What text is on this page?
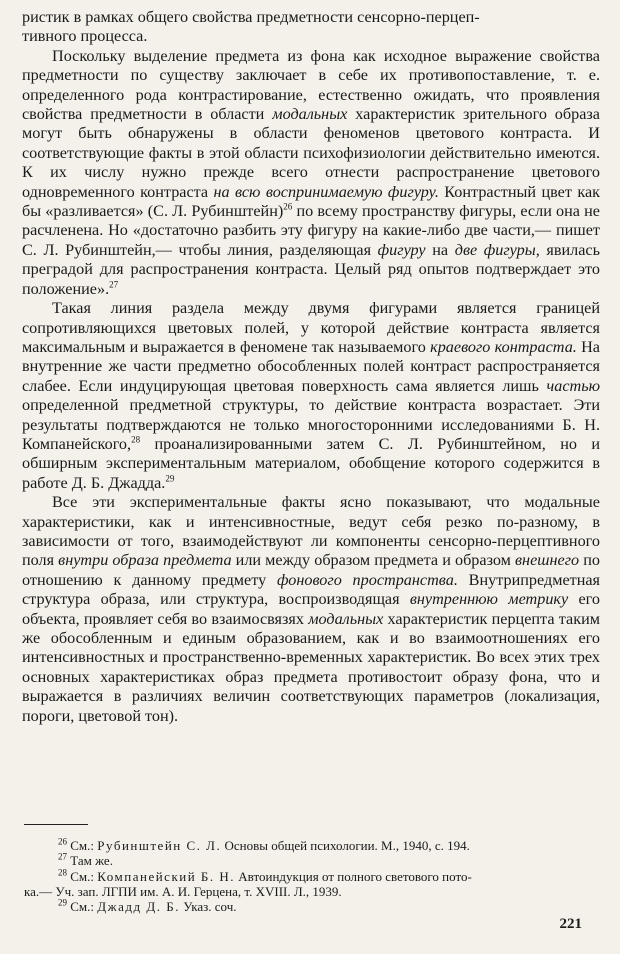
ристик в рамках общего свойства предметности сенсорно-перцеп-
тивного процесса.

Поскольку выделение предмета из фона как исходное выражение свойства предметности по существу заключает в себе их противопоставление, т. е. определенного рода контрастирование, естественно ожидать, что проявления свойства предметности в области модальных характеристик зрительного образа могут быть обнаружены в области феноменов цветового контраста. И соответствующие факты в этой области психофизиологии действительно имеются. К их числу нужно прежде всего отнести распространение цветового одновременного контраста на всю воспринимаемую фигуру. Контрастный цвет как бы «разливается» (С. Л. Рубинштейн)$^{26}$ по всему пространству фигуры, если она не расчленена. Но «достаточно разбить эту фигуру на какие-либо две части,— пишет С. Л. Рубинштейн,— чтобы линия, разделяющая фигуру на две фигуры, явилась преградой для распространения контраста. Целый ряд опытов подтверждает это положение».$^{27}$

Такая линия раздела между двумя фигурами является границей сопротивляющихся цветовых полей, у которой действие контраста является максимальным и выражается в феномене так называемого краевого контраста. На внутренние же части предметно обособленных полей контраст распространяется слабее. Если индуцирующая цветовая поверхность сама является лишь частью определенной предметной структуры, то действие контраста возрастает. Эти результаты подтверждаются не только многосторонними исследованиями Б. Н. Компанейского,$^{28}$ проанализированными затем С. Л. Рубинштейном, но и обширным экспериментальным материалом, обобщение которого содержится в работе Д. Б. Джадда.$^{29}$

Все эти экспериментальные факты ясно показывают, что модальные характеристики, как и интенсивностные, ведут себя резко по-разному, в зависимости от того, взаимодействуют ли компоненты сенсорно-перцептивного поля внутри образа предмета или между образом предмета и образом внешнего по отношению к данному предмету фонового пространства. Внутрипредметная структура образа, или структура, воспроизводящая внутреннюю метрику его объекта, проявляет себя во взаимосвязях модальных характеристик перцепта таким же обособленным и единым образованием, как и во взаимоотношениях его интенсивностных и пространственно-временных характеристик. Во всех этих трех основных характеристиках образ предмета противостоит образу фона, что и выражается в различиях величин соответствующих параметров (локализация, пороги, цветовой тон).

$^{26}$ См.: Рубинштейн С. Л. Основы общей психологии. М., 1940, с. 194.

$^{27}$ Там же.

$^{28}$ См.: Компанейский Б. Н. Автоиндукция от полного светового пото-

ка.— Уч. зап. ЛГПИ им. А. И. Герцена, т. XVIII. Л., 1939.

$^{29}$ См.: Джадд Д. Б. Указ. соч.

221
